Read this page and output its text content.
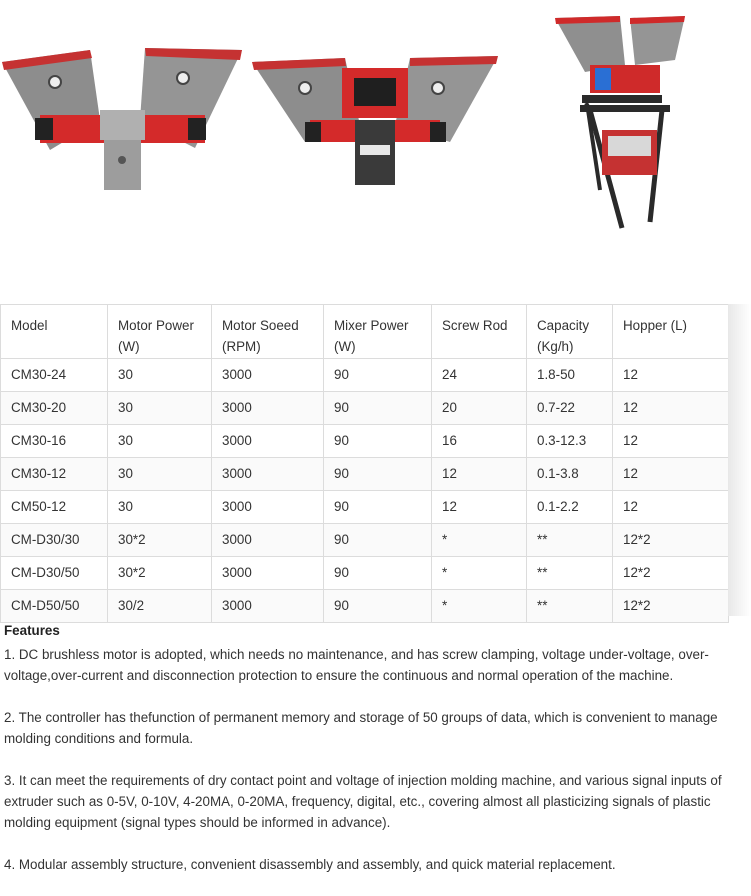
Model	Motor Power (W)	Motor Soeed (RPM)	Mixer Power (W)	Screw Rod	Capacity (Kg/h)	Hopper (L)
CM30-24	30	3000	90	24	1.8-50	12
CM30-20	30	3000	90	20	0.7-22	12
CM30-16	30	3000	90	16	0.3-12.3	12
CM30-12	30	3000	90	12	0.1-3.8	12
CM50-12	30	3000	90	12	0.1-2.2	12
CM-D30/30	30*2	3000	90	*	**	12*2
CM-D30/50	30*2	3000	90	*	**	12*2
CM-D50/50	30/2	3000	90	*	**	12*2
Features

1. DC brushless motor is adopted, which needs no maintenance, and has screw clamping, voltage under-voltage, over-voltage,over-current and disconnection protection to ensure the continuous and normal operation of the machine.

2. The controller has thefunction of permanent memory and storage of 50 groups of data, which is convenient to manage molding conditions and formula.

3. It can meet the requirements of dry contact point and voltage of injection molding machine, and various signal inputs of extruder such as 0-5V, 0-10V, 4-20MA, 0-20MA, frequency, digital, etc., covering almost all plasticizing signals of plastic molding equipment (signal types should be informed in advance).

4. Modular assembly structure, convenient disassembly and assembly, and quick material replacement.
